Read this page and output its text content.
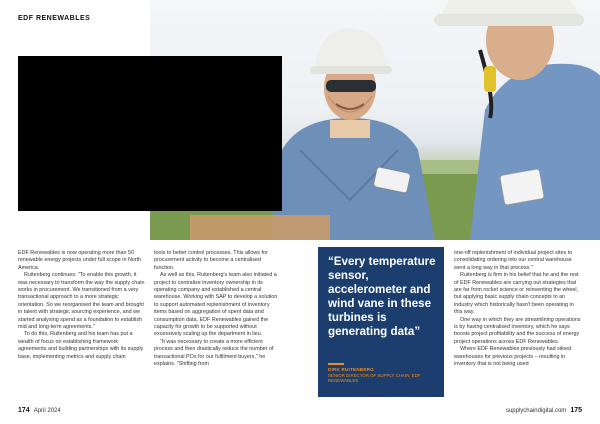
EDF RENEWABLES

EDF Renewables is now operating more than 50 renewable energy projects under full scope in North America.

Ruitenberg continues: "To enable this growth, it was necessary to transform the way the supply chain works in procurement. We transitioned from a very transactional approach to a more strategic orientation. So we reorganised the team and brought in talent with strategic sourcing experience, and we started analysing spend as a foundation to establish mid and long-term agreements."

To do this, Ruitenberg and his team has put a wealth of focus on establishing framework agreements and building partnerships with its supply base, implementing metrics and supply chain

tools to better control processes. This allows for procurement activity to become a centralised function.

As well as this, Ruitenberg's team also initiated a project to centralise inventory ownership in its operating company and established a central warehouse. Working with SAP to develop a solution to support automated replenishment of inventory items based on aggregation of spent data and consumption data, EDF Renewables gained the capacity for growth to be supported without excessively scaling up the department in lieu.

"It was necessary to create a more efficient process and then drastically reduce the number of transactional POs for our fulfilment buyers," he explains. "Shifting from

“Every temperature sensor, accelerometer and wind vane in these turbines is generating data”
DIRK RUITENBERG
SENIOR DIRECTOR OF SUPPLY CHAIN, EDF RENEWABLES

one-off replenishment of individual project sites to consolidating ordering into our central warehouse went a long way in that process."

Ruitenberg is firm in his belief that he and the rest of EDF Renewables are carrying out strategies that are far from rocket science or reinventing the wheel, but applying basic supply chain concepts to an industry which historically hasn't been operating in this way.

One way in which they are streamlining operations is by having centralised inventory, which he says boosts project profitability and the success of energy project operations across EDF Renewables.

Where EDF Renewables previously had siloed warehouses for previous projects – resulting in inventory that is not being used

174 April 2024	supplychaindigital.com 175
